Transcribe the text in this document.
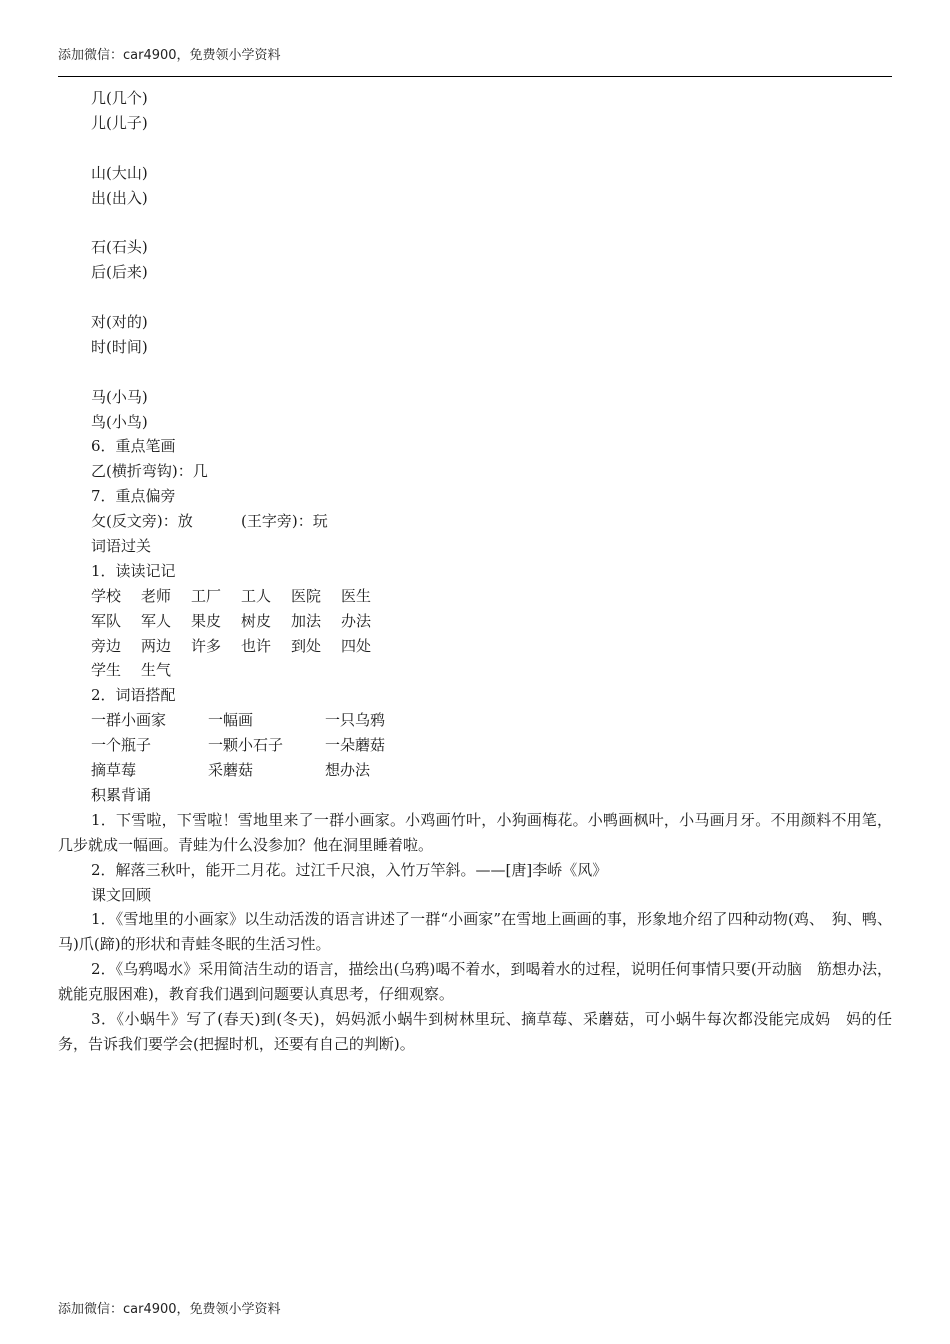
添加微信：car4900，免费领小学资料
几(几个)
儿(儿子)
山(大山)
出(出入)
石(石头)
后(后来)
对(对的)
时(时间)
马(小马)
鸟(小鸟)
6．重点笔画
乙(横折弯钩)：几
7．重点偏旁
攵(反文旁)：放	(王字旁)：玩
词语过关
1．读读记记
学校 老师 工厂 工人 医院 医生
军队 军人 果皮 树皮 加法 办法
旁边 两边 许多 也许 到处 四处
学生 生气
2．词语搭配
一群小画家	一幅画	一只乌鸦
一个瓶子	一颗小石子	一朵蘑菇
摘草莓	采蘑菇	想办法
积累背诵

1．下雪啦，下雪啦！雪地里来了一群小画家。小鸡画竹叶，小狗画梅花。小鸭画枫叶，小马画月牙。不用颜料不用笔，几步就成一幅画。青蛙为什么没参加？他在洞里睡着啦。

2．解落三秋叶，能开二月花。过江千尺浪，入竹万竿斜。——[唐]李峤《风》

课文回顾

1．《雪地里的小画家》以生动活泼的语言讲述了一群“小画家”在雪地上画画的事，形象地介绍了四种动物(鸡、　狗、鸭、马)爪(蹄)的形状和青蛙冬眠的生活习性。

2．《乌鸦喝水》采用简洁生动的语言，描绘出(乌鸦)喝不着水，到喝着水的过程，说明任何事情只要(开动脑　筋想办法，就能克服困难)，教育我们遇到问题要认真思考，仔细观察。

3．《小蜗牛》写了(春天)到(冬天)，妈妈派小蜗牛到树林里玩、摘草莓、采蘑菇，可小蜗牛每次都没能完成妈　妈的任务，告诉我们要学会(把握时机，还要有自己的判断)。

添加微信：car4900，免费领小学资料
